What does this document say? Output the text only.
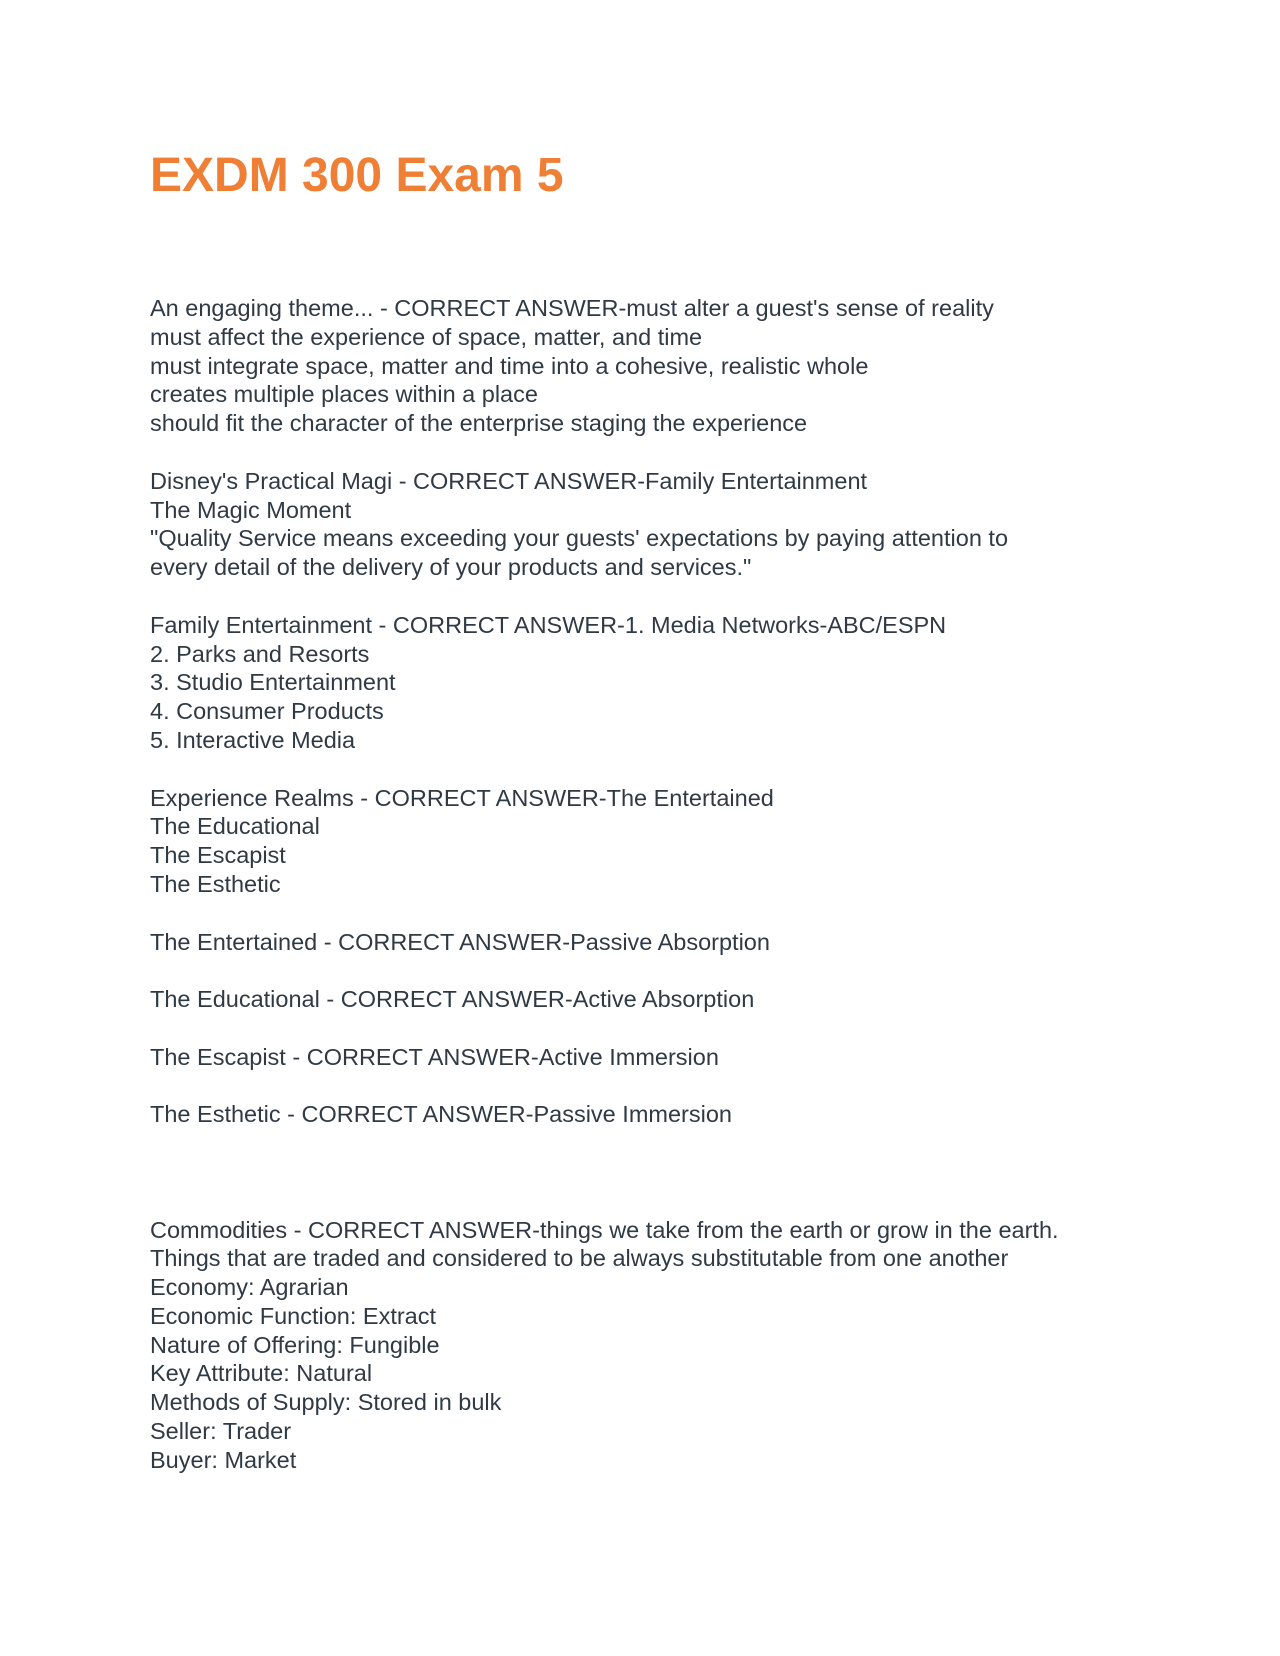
EXDM 300 Exam 5
An engaging theme... - CORRECT ANSWER-must alter a guest's sense of reality
must affect the experience of space, matter, and time
must integrate space, matter and time into a cohesive, realistic whole
creates multiple places within a place
should fit the character of the enterprise staging the experience
Disney's Practical Magi - CORRECT ANSWER-Family Entertainment
The Magic Moment
"Quality Service means exceeding your guests' expectations by paying attention to
every detail of the delivery of your products and services."
Family Entertainment - CORRECT ANSWER-1. Media Networks-ABC/ESPN
2. Parks and Resorts
3. Studio Entertainment
4. Consumer Products
5. Interactive Media
Experience Realms - CORRECT ANSWER-The Entertained
The Educational
The Escapist
The Esthetic
The Entertained - CORRECT ANSWER-Passive Absorption
The Educational - CORRECT ANSWER-Active Absorption
The Escapist - CORRECT ANSWER-Active Immersion
The Esthetic - CORRECT ANSWER-Passive Immersion
Commodities - CORRECT ANSWER-things we take from the earth or grow in the earth.
Things that are traded and considered to be always substitutable from one another
Economy: Agrarian
Economic Function: Extract
Nature of Offering: Fungible
Key Attribute: Natural
Methods of Supply: Stored in bulk
Seller: Trader
Buyer: Market
